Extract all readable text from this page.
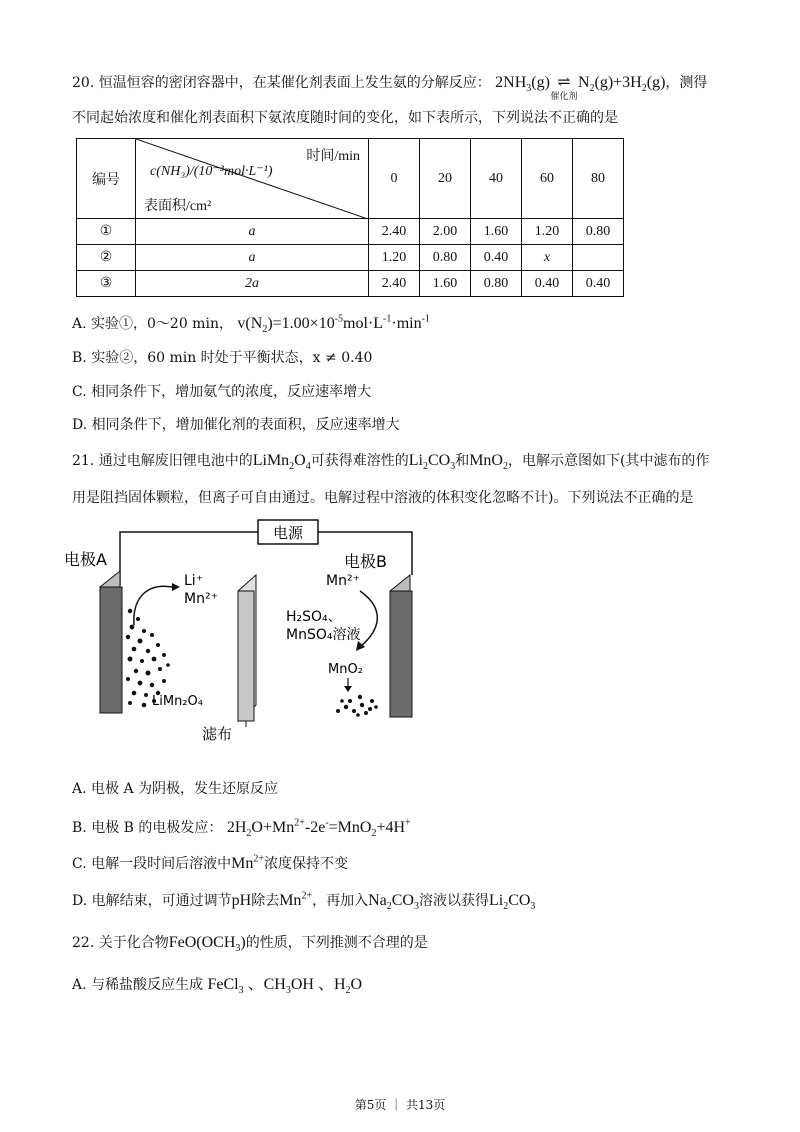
20. 恒温恒容的密闭容器中，在某催化剂表面上发生氨的分解反应： $2NH_3(g)$ ⇌
催化剂
$N_2(g)+3H_2(g)$，测得
不同起始浓度和催化剂表面积下氨浓度随时间的变化，如下表所示，下列说法不正确的是
编号	时间/min
c(NH₃)/(10⁻³mol·L⁻¹)
表面积/cm²	0	20	40	60	80
①	a	2.40	2.00	1.60	1.20	0.80
②	a	1.20	0.80	0.40	x	
③	2a	2.40	1.60	0.80	0.40	0.40
A. 实验①，0～20 min， $v(N_2)=1.00\times 10^{-5}mol\cdot L^{-1}\cdot\min^{-1}$
B. 实验②，60 min 时处于平衡状态，x ≠ 0.40
C. 相同条件下，增加氨气的浓度，反应速率增大
D. 相同条件下，增加催化剂的表面积，反应速率增大
21. 通过电解废旧锂电池中的$LiMn_2O_4$可获得难溶性的$Li_2CO_3$和MnO$_2$，电解示意图如下(其中滤布的作
用是阻挡固体颗粒，但离子可自由通过。电解过程中溶液的体积变化忽略不计)。下列说法不正确的是
电源
电极A
滤布
电极B
Li⁺
Mn²⁺
LiMn₂O₄
Mn²⁺
H₂SO₄、
MnSO₄溶液
MnO₂
A. 电极 A 为阴极，发生还原反应
B. 电极 B 的电极发应： $2H_2O+Mn^{2+}-2e^-=MnO_2+4H^+$
C. 电解一段时间后溶液中$Mn^{2+}$浓度保持不变
D. 电解结束，可通过调节pH除去$Mn^{2+}$，再加入$Na_2CO_3$溶液以获得$Li_2CO_3$
22. 关于化合物$FeO(OCH_3)$的性质，下列推测不合理的是
A. 与稀盐酸反应生成 FeCl$_3$ 、$CH_3OH$ 、$H_2O$
第5页 ｜ 共13页
